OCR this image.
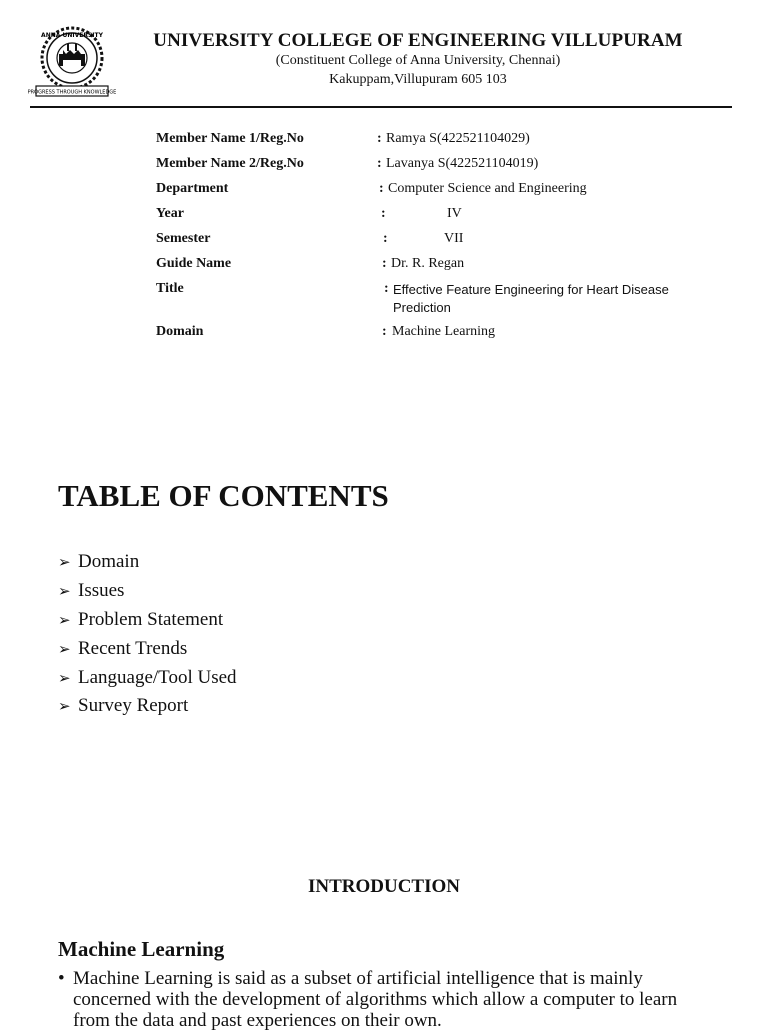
PROGRESS THROUGH KNOWLEDGE
ANNA UNIVERSITY	UNIVERSITY COLLEGE OF ENGINEERING VILLUPURAM
(Constituent College of Anna University, Chennai)
Kakuppam,Villupuram 605 103
Member Name 1/Reg.No	: Ramya S(422521104029)
Member Name 2/Reg.No	: Lavanya S(422521104019)
Department	: Computer Science and Engineering
Year	:	IV
Semester	:	VII
Guide Name	: Dr. R. Regan
Title	: Effective Feature Engineering for Heart Disease
Prediction
Domain	: Machine Learning
TABLE OF CONTENTS
➢ Domain
➢ Issues
➢ Problem Statement
➢ Recent Trends
➢ Language/Tool Used
➢ Survey Report
INTRODUCTION
Machine Learning
• Machine Learning is said as a subset of artificial intelligence that is mainly concerned with the development of algorithms which allow a computer to learn from the data and past experiences on their own.
